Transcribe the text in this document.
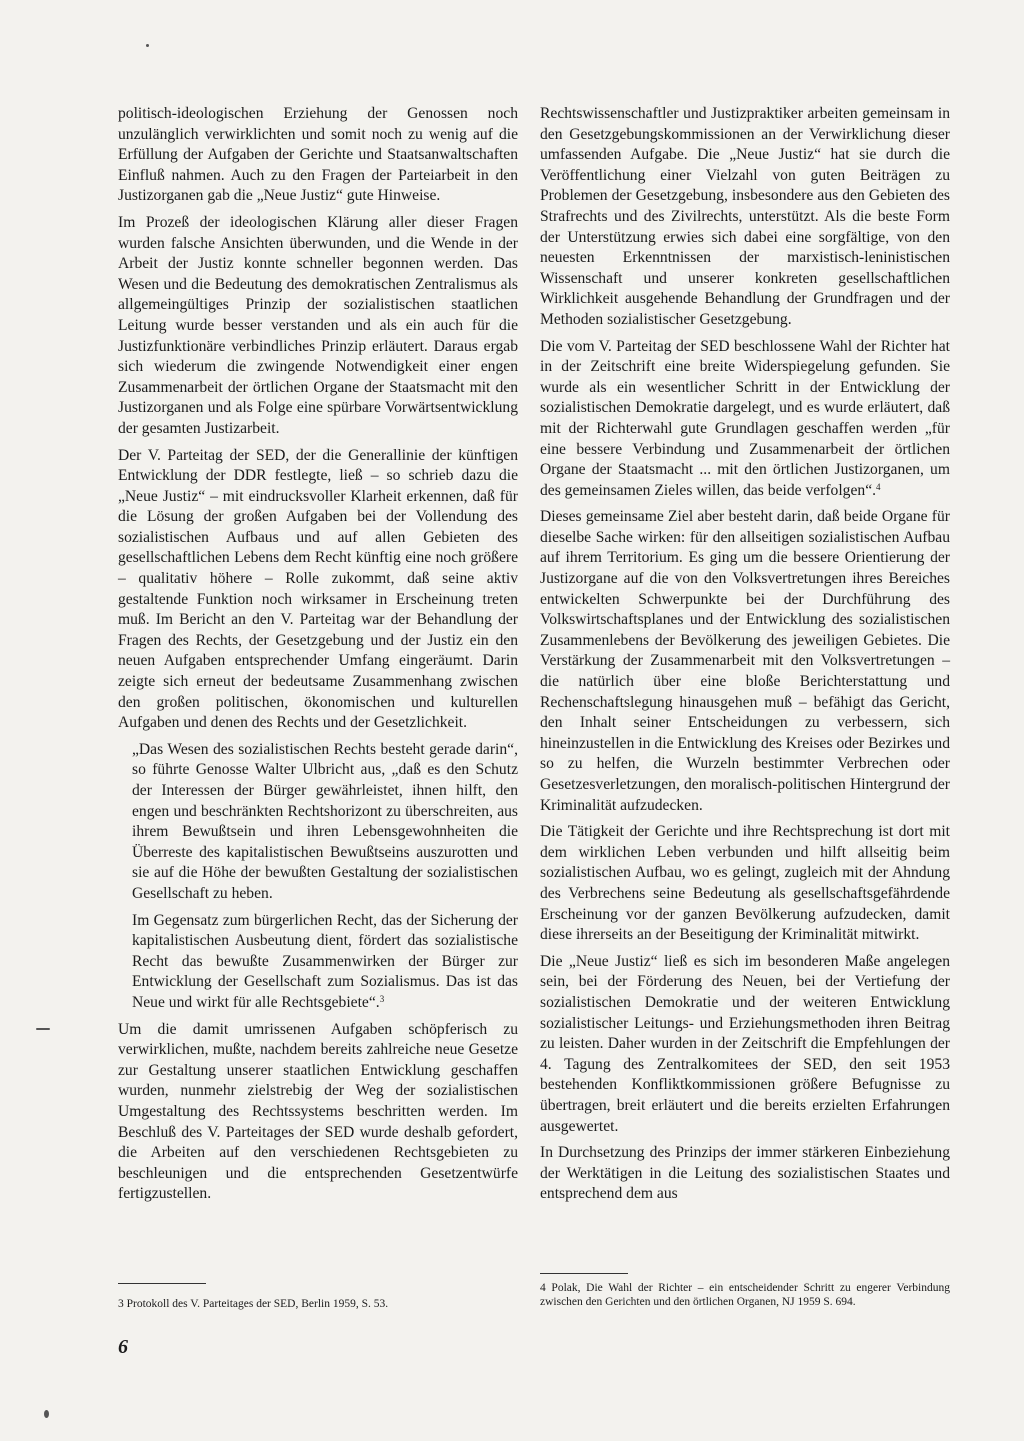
politisch-ideologischen Erziehung der Genossen noch unzulänglich verwirklichten und somit noch zu wenig auf die Erfüllung der Aufgaben der Gerichte und Staatsanwaltschaften Einfluß nahmen. Auch zu den Fragen der Parteiarbeit in den Justizorganen gab die „Neue Justiz“ gute Hinweise.

Im Prozeß der ideologischen Klärung aller dieser Fragen wurden falsche Ansichten überwunden, und die Wende in der Arbeit der Justiz konnte schneller begonnen werden. Das Wesen und die Bedeutung des demokratischen Zentralismus als allgemeingültiges Prinzip der sozialistischen staatlichen Leitung wurde besser verstanden und als ein auch für die Justizfunktionäre verbindliches Prinzip erläutert. Daraus ergab sich wiederum die zwingende Notwendigkeit einer engen Zusammenarbeit der örtlichen Organe der Staatsmacht mit den Justizorganen und als Folge eine spürbare Vorwärtsentwicklung der gesamten Justizarbeit.

Der V. Parteitag der SED, der die Generallinie der künftigen Entwicklung der DDR festlegte, ließ – so schrieb dazu die „Neue Justiz“ – mit eindrucksvoller Klarheit erkennen, daß für die Lösung der großen Aufgaben bei der Vollendung des sozialistischen Aufbaus und auf allen Gebieten des gesellschaftlichen Lebens dem Recht künftig eine noch größere – qualitativ höhere – Rolle zukommt, daß seine aktiv gestaltende Funktion noch wirksamer in Erscheinung treten muß. Im Bericht an den V. Parteitag war der Behandlung der Fragen des Rechts, der Gesetzgebung und der Justiz ein den neuen Aufgaben entsprechender Umfang eingeräumt. Darin zeigte sich erneut der bedeutsame Zusammenhang zwischen den großen politischen, ökonomischen und kulturellen Aufgaben und denen des Rechts und der Gesetzlichkeit.

„Das Wesen des sozialistischen Rechts besteht gerade darin“, so führte Genosse Walter Ulbricht aus, „daß es den Schutz der Interessen der Bürger gewährleistet, ihnen hilft, den engen und beschränkten Rechtshorizont zu überschreiten, aus ihrem Bewußtsein und ihren Lebensgewohnheiten die Überreste des kapitalistischen Bewußtseins auszurotten und sie auf die Höhe der bewußten Gestaltung der sozialistischen Gesellschaft zu heben.

Im Gegensatz zum bürgerlichen Recht, das der Sicherung der kapitalistischen Ausbeutung dient, fördert das sozialistische Recht das bewußte Zusammenwirken der Bürger zur Entwicklung der Gesellschaft zum Sozialismus. Das ist das Neue und wirkt für alle Rechtsgebiete“.$^3$

Um die damit umrissenen Aufgaben schöpferisch zu verwirklichen, mußte, nachdem bereits zahlreiche neue Gesetze zur Gestaltung unserer staatlichen Entwicklung geschaffen wurden, nunmehr zielstrebig der Weg der sozialistischen Umgestaltung des Rechtssystems beschritten werden. Im Beschluß des V. Parteitages der SED wurde deshalb gefordert, die Arbeiten auf den verschiedenen Rechtsgebieten zu beschleunigen und die entsprechenden Gesetzentwürfe fertigzustellen.

Rechtswissenschaftler und Justizpraktiker arbeiten gemeinsam in den Gesetzgebungskommissionen an der Verwirklichung dieser umfassenden Aufgabe. Die „Neue Justiz“ hat sie durch die Veröffentlichung einer Vielzahl von guten Beiträgen zu Problemen der Gesetzgebung, insbesondere aus den Gebieten des Strafrechts und des Zivilrechts, unterstützt. Als die beste Form der Unterstützung erwies sich dabei eine sorgfältige, von den neuesten Erkenntnissen der marxistisch-leninistischen Wissenschaft und unserer konkreten gesellschaftlichen Wirklichkeit ausgehende Behandlung der Grundfragen und der Methoden sozialistischer Gesetzgebung.

Die vom V. Parteitag der SED beschlossene Wahl der Richter hat in der Zeitschrift eine breite Widerspiegelung gefunden. Sie wurde als ein wesentlicher Schritt in der Entwicklung der sozialistischen Demokratie dargelegt, und es wurde erläutert, daß mit der Richterwahl gute Grundlagen geschaffen werden „für eine bessere Verbindung und Zusammenarbeit der örtlichen Organe der Staatsmacht ... mit den örtlichen Justizorganen, um des gemeinsamen Zieles willen, das beide verfolgen“.$^4$

Dieses gemeinsame Ziel aber besteht darin, daß beide Organe für dieselbe Sache wirken: für den allseitigen sozialistischen Aufbau auf ihrem Territorium. Es ging um die bessere Orientierung der Justizorgane auf die von den Volksvertretungen ihres Bereiches entwickelten Schwerpunkte bei der Durchführung des Volkswirtschaftsplanes und der Entwicklung des sozialistischen Zusammenlebens der Bevölkerung des jeweiligen Gebietes. Die Verstärkung der Zusammenarbeit mit den Volksvertretungen – die natürlich über eine bloße Berichterstattung und Rechenschaftslegung hinausgehen muß – befähigt das Gericht, den Inhalt seiner Entscheidungen zu verbessern, sich hineinzustellen in die Entwicklung des Kreises oder Bezirkes und so zu helfen, die Wurzeln bestimmter Verbrechen oder Gesetzesverletzungen, den moralisch-politischen Hintergrund der Kriminalität aufzudecken.

Die Tätigkeit der Gerichte und ihre Rechtsprechung ist dort mit dem wirklichen Leben verbunden und hilft allseitig beim sozialistischen Aufbau, wo es gelingt, zugleich mit der Ahndung des Verbrechens seine Bedeutung als gesellschaftsgefährdende Erscheinung vor der ganzen Bevölkerung aufzudecken, damit diese ihrerseits an der Beseitigung der Kriminalität mitwirkt.

Die „Neue Justiz“ ließ es sich im besonderen Maße angelegen sein, bei der Förderung des Neuen, bei der Vertiefung der sozialistischen Demokratie und der weiteren Entwicklung sozialistischer Leitungs- und Erziehungsmethoden ihren Beitrag zu leisten. Daher wurden in der Zeitschrift die Empfehlungen der 4. Tagung des Zentralkomitees der SED, den seit 1953 bestehenden Konfliktkommissionen größere Befugnisse zu übertragen, breit erläutert und die bereits erzielten Erfahrungen ausgewertet.

In Durchsetzung des Prinzips der immer stärkeren Einbeziehung der Werktätigen in die Leitung des sozialistischen Staates und entsprechend dem aus

3 Protokoll des V. Parteitages der SED, Berlin 1959, S. 53.
4 Polak, Die Wahl der Richter – ein entscheidender Schritt zu engerer Verbindung zwischen den Gerichten und den örtlichen Organen, NJ 1959 S. 694.
6
